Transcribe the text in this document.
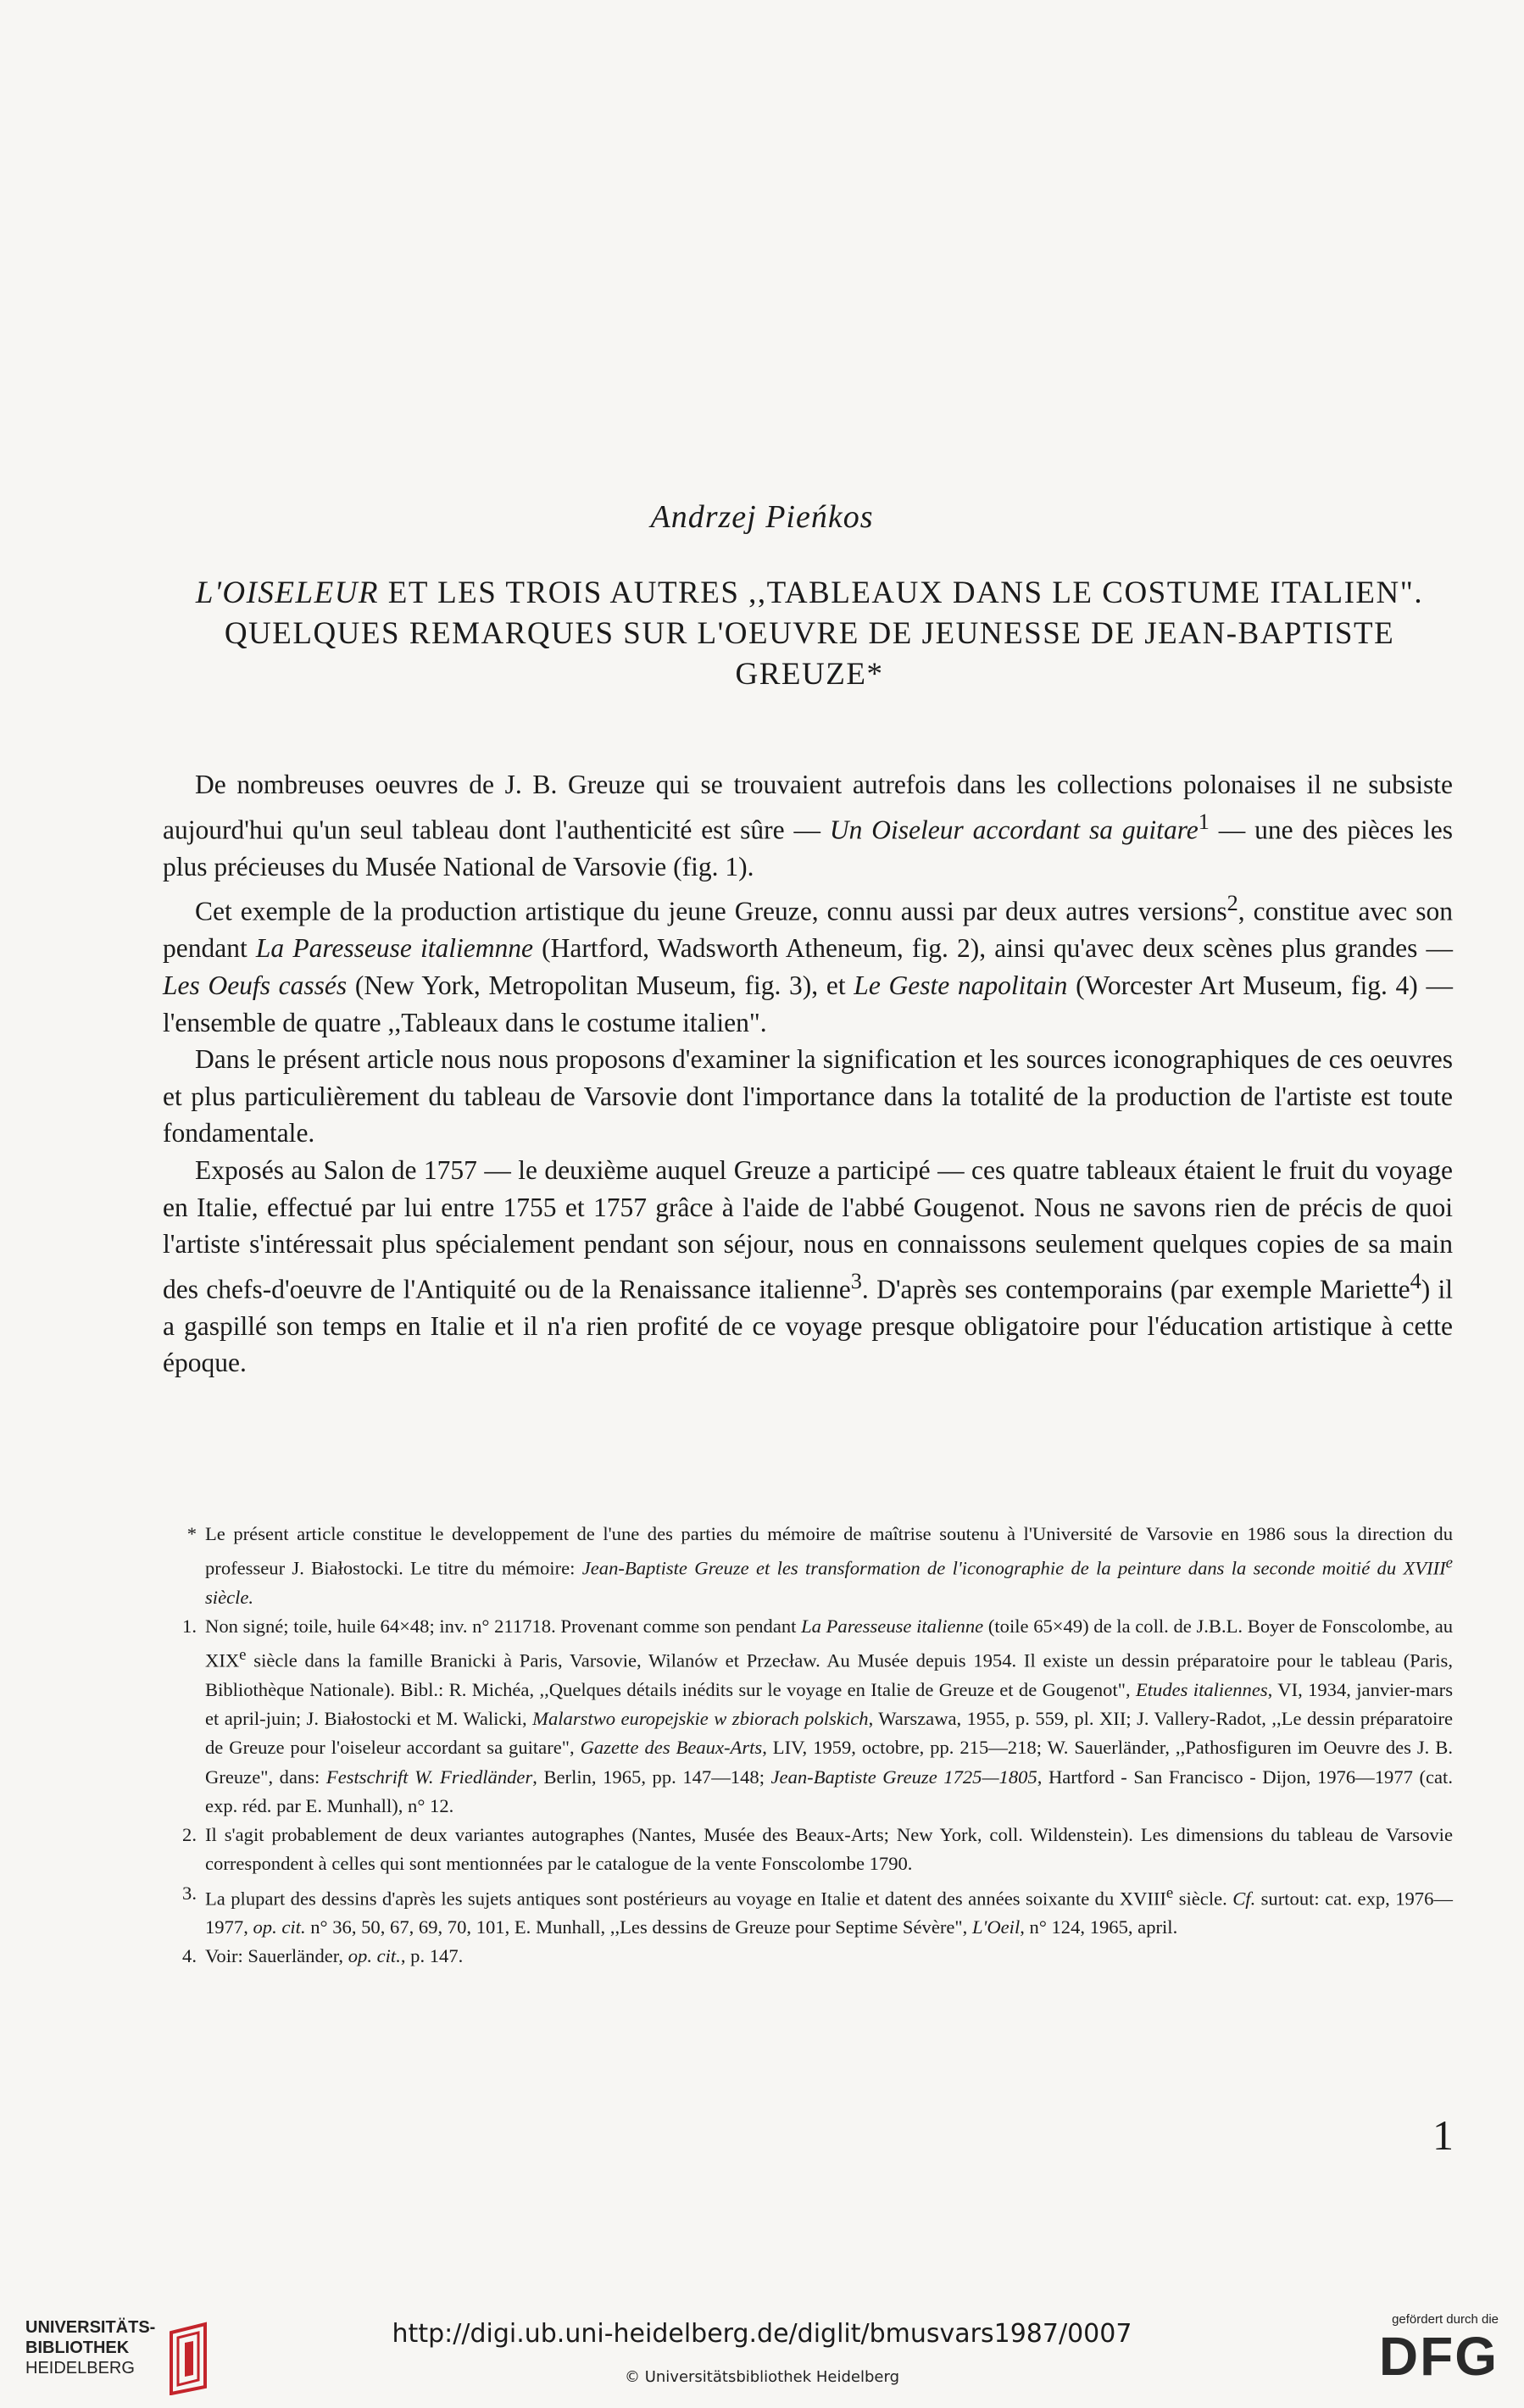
Andrzej Pieńkos
L'OISELEUR ET LES TROIS AUTRES ,,TABLEAUX DANS LE COSTUME ITALIEN". QUELQUES REMARQUES SUR L'OEUVRE DE JEUNESSE DE JEAN-BAPTISTE GREUZE*

De nombreuses oeuvres de J. B. Greuze qui se trouvaient autrefois dans les collections polonaises il ne subsiste aujourd'hui qu'un seul tableau dont l'authenticité est sûre — Un Oiseleur accordant sa guitare$^1$ — une des pièces les plus précieuses du Musée National de Varsovie (fig. 1).

Cet exemple de la production artistique du jeune Greuze, connu aussi par deux autres versions$^2$, constitue avec son pendant La Paresseuse italiemnne (Hartford, Wadsworth Atheneum, fig. 2), ainsi qu'avec deux scènes plus grandes — Les Oeufs cassés (New York, Metropolitan Museum, fig. 3), et Le Geste napolitain (Worcester Art Museum, fig. 4) — l'ensemble de quatre ,,Tableaux dans le costume italien".

Dans le présent article nous nous proposons d'examiner la signification et les sources iconographiques de ces oeuvres et plus particulièrement du tableau de Varsovie dont l'importance dans la totalité de la production de l'artiste est toute fondamentale.

Exposés au Salon de 1757 — le deuxième auquel Greuze a participé — ces quatre tableaux étaient le fruit du voyage en Italie, effectué par lui entre 1755 et 1757 grâce à l'aide de l'abbé Gougenot. Nous ne savons rien de précis de quoi l'artiste s'intéressait plus spécialement pendant son séjour, nous en connaissons seulement quelques copies de sa main des chefs-d'oeuvre de l'Antiquité ou de la Renaissance italienne$^3$. D'après ses contemporains (par exemple Mariette$^4$) il a gaspillé son temps en Italie et il n'a rien profité de ce voyage presque obligatoire pour l'éducation artistique à cette époque.

* Le présent article constitue le developpement de l'une des parties du mémoire de maîtrise soutenu à l'Université de Varsovie en 1986 sous la direction du professeur J. Białostocki. Le titre du mémoire: Jean-Baptiste Greuze et les transformation de l'iconographie de la peinture dans la seconde moitié du XVIIIe siècle.

1. Non signé; toile, huile 64×48; inv. n° 211718. Provenant comme son pendant La Paresseuse italienne (toile 65×49) de la coll. de J.B.L. Boyer de Fonscolombe, au XIXe siècle dans la famille Branicki à Paris, Varsovie, Wilanów et Przecław. Au Musée depuis 1954. Il existe un dessin préparatoire pour le tableau (Paris, Bibliothèque Nationale). Bibl.: R. Michéa, ,,Quelques détails inédits sur le voyage en Italie de Greuze et de Gougenot", Etudes italiennes, VI, 1934, janvier-mars et april-juin; J. Białostocki et M. Walicki, Malarstwo europejskie w zbiorach polskich, Warszawa, 1955, p. 559, pl. XII; J. Vallery-Radot, ,,Le dessin préparatoire de Greuze pour l'oiseleur accordant sa guitare", Gazette des Beaux-Arts, LIV, 1959, octobre, pp. 215—218; W. Sauerländer, ,,Pathosfiguren im Oeuvre des J. B. Greuze", dans: Festschrift W. Friedländer, Berlin, 1965, pp. 147—148; Jean-Baptiste Greuze 1725—1805, Hartford - San Francisco - Dijon, 1976—1977 (cat. exp. réd. par E. Munhall), n° 12.

2. Il s'agit probablement de deux variantes autographes (Nantes, Musée des Beaux-Arts; New York, coll. Wildenstein). Les dimensions du tableau de Varsovie correspondent à celles qui sont mentionnées par le catalogue de la vente Fonscolombe 1790.

3. La plupart des dessins d'après les sujets antiques sont postérieurs au voyage en Italie et datent des années soixante du XVIIIe siècle. Cf. surtout: cat. exp, 1976—1977, op. cit. n° 36, 50, 67, 69, 70, 101, E. Munhall, ,,Les dessins de Greuze pour Septime Sévère", L'Oeil, n° 124, 1965, april.

4. Voir: Sauerländer, op. cit., p. 147.

1
UNIVERSITÄTS-
BIBLIOTHEK
HEIDELBERG
http://digi.ub.uni-heidelberg.de/diglit/bmusvars1987/0007
© Universitätsbibliothek Heidelberg
gefördert durch die
DFG
